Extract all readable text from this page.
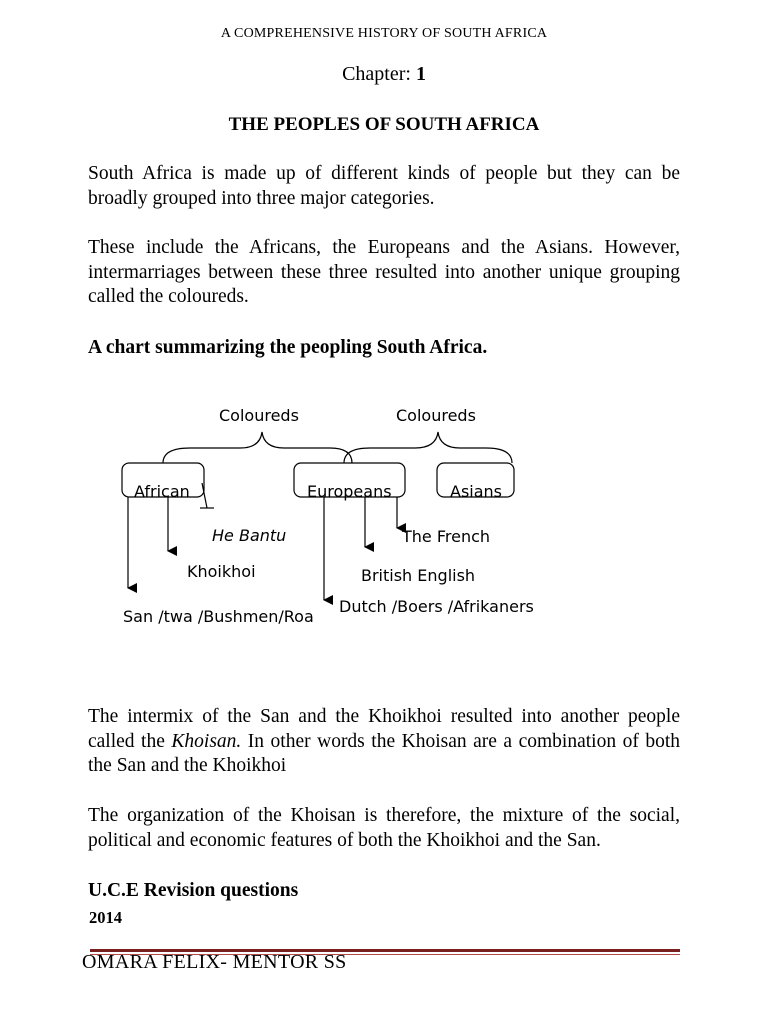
A COMPREHENSIVE HISTORY OF SOUTH AFRICA
Chapter: 1
THE PEOPLES OF SOUTH AFRICA
South Africa is made up of different kinds of people but they can be broadly grouped into three major categories.
These include the Africans, the Europeans and the Asians. However, intermarriages between these three resulted into another unique grouping called the coloureds.
A chart summarizing the peopling South Africa.
Coloureds	Coloureds
African	Europeans	Asians
He Bantu
Khoikhoi
San /twa /Bushmen/Roa
The French
British English
Dutch /Boers /Afrikaners
The intermix of the San and the Khoikhoi resulted into another people called the Khoisan. In other words the Khoisan are a combination of both the San and the Khoikhoi
The organization of the Khoisan is therefore, the mixture of the social, political and economic features of both the Khoikhoi and the San.
U.C.E Revision questions
2014
OMARA FELIX- MENTOR SS
